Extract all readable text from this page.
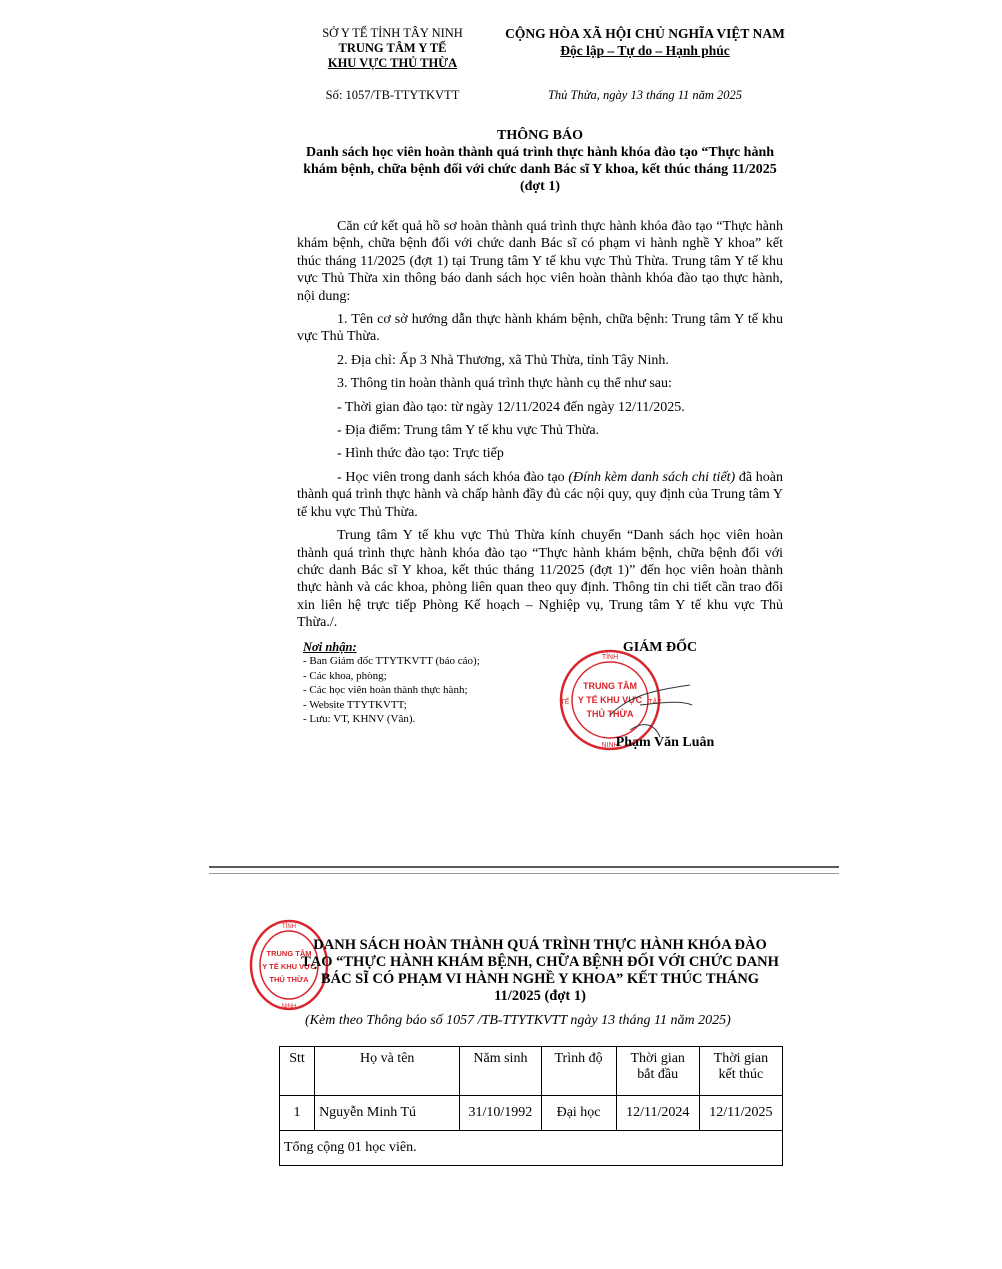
SỞ Y TẾ TỈNH TÂY NINH
TRUNG TÂM Y TẾ
KHU VỰC THỦ THỪA
CỘNG HÒA XÃ HỘI CHỦ NGHĨA VIỆT NAM
Độc lập – Tự do – Hạnh phúc
Số: 1057/TB-TTYTKVTT	Thủ Thừa, ngày 13 tháng 11 năm 2025
THÔNG BÁO
Danh sách học viên hoàn thành quá trình thực hành khóa đào tạo “Thực hành khám bệnh, chữa bệnh đối với chức danh Bác sĩ Y khoa, kết thúc tháng 11/2025 (đợt 1)

Căn cứ kết quả hồ sơ hoàn thành quá trình thực hành khóa đào tạo “Thực hành khám bệnh, chữa bệnh đối với chức danh Bác sĩ có phạm vi hành nghề Y khoa” kết thúc tháng 11/2025 (đợt 1) tại Trung tâm Y tế khu vực Thủ Thừa. Trung tâm Y tế khu vực Thủ Thừa xin thông báo danh sách học viên hoàn thành khóa đào tạo thực hành, nội dung:

1. Tên cơ sở hướng dẫn thực hành khám bệnh, chữa bệnh: Trung tâm Y tế khu vực Thủ Thừa.

2. Địa chỉ: Ấp 3 Nhà Thương, xã Thủ Thừa, tỉnh Tây Ninh.

3. Thông tin hoàn thành quá trình thực hành cụ thể như sau:

- Thời gian đào tạo: từ ngày 12/11/2024 đến ngày 12/11/2025.

- Địa điểm: Trung tâm Y tế khu vực Thủ Thừa.

- Hình thức đào tạo: Trực tiếp

- Học viên trong danh sách khóa đào tạo (Đính kèm danh sách chi tiết) đã hoàn thành quá trình thực hành và chấp hành đầy đủ các nội quy, quy định của Trung tâm Y tế khu vực Thủ Thừa.

Trung tâm Y tế khu vực Thủ Thừa kính chuyển “Danh sách học viên hoàn thành quá trình thực hành khóa đào tạo “Thực hành khám bệnh, chữa bệnh đối với chức danh Bác sĩ Y khoa, kết thúc tháng 11/2025 (đợt 1)” đến học viên hoàn thành thực hành và các khoa, phòng liên quan theo quy định. Thông tin chi tiết cần trao đổi xin liên hệ trực tiếp Phòng Kế hoạch – Nghiệp vụ, Trung tâm Y tế khu vực Thủ Thừa./.

Nơi nhận:
- Ban Giám đốc TTYTKVTT (báo cáo);
- Các khoa, phòng;
- Các học viên hoàn thành thực hành;
- Website TTYTKVTT;
- Lưu: VT, KHNV (Vân).
GIÁM ĐỐC
TỈNH
TẾ	TÂY
NINH
TRUNG TÂM
Y TẾ KHU VỰC
THỦ THỪA
Phạm Văn Luân
TỈNH
NINH
TRUNG TÂM
Y TẾ KHU VỰC
THỦ THỪA
DANH SÁCH HOÀN THÀNH QUÁ TRÌNH THỰC HÀNH KHÓA ĐÀO TẠO “THỰC HÀNH KHÁM BỆNH, CHỮA BỆNH ĐỐI VỚI CHỨC DANH BÁC SĨ CÓ PHẠM VI HÀNH NGHỀ Y KHOA” KẾT THÚC THÁNG 11/2025 (đợt 1)
(Kèm theo Thông báo số 1057 /TB-TTYTKVTT ngày 13 tháng 11 năm 2025)
Stt	Họ và tên	Năm sinh	Trình độ	Thời gian bắt đầu	Thời gian kết thúc
1	Nguyễn Minh Tú	31/10/1992	Đại học	12/11/2024	12/11/2025
Tổng cộng 01 học viên.					
